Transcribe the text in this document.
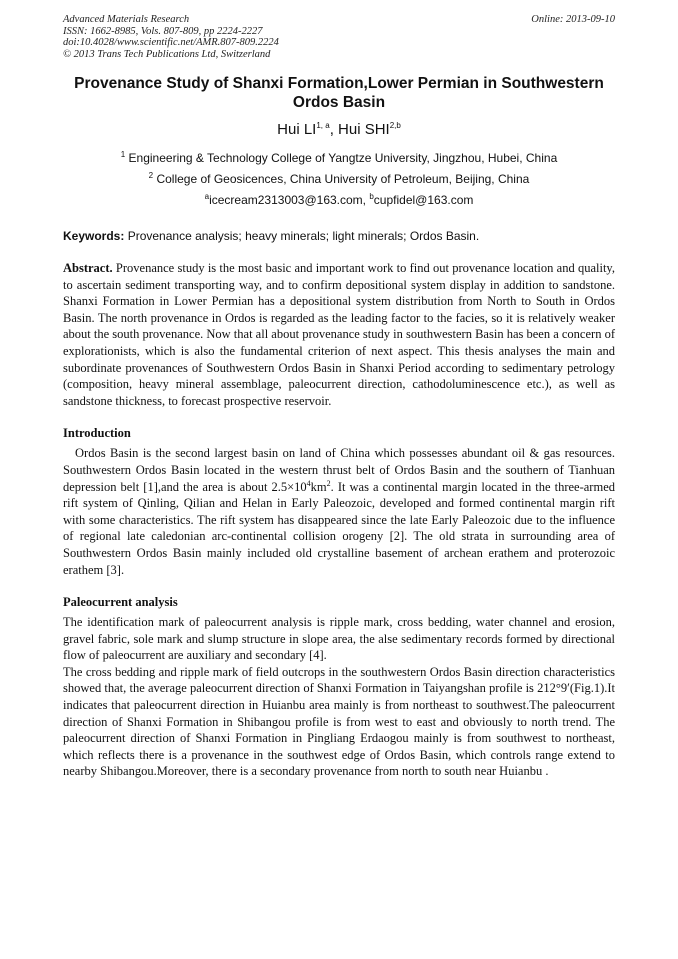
Advanced Materials Research
ISSN: 1662-8985, Vols. 807-809, pp 2224-2227
doi:10.4028/www.scientific.net/AMR.807-809.2224
© 2013 Trans Tech Publications Ltd, Switzerland
Online: 2013-09-10
Provenance Study of Shanxi Formation,Lower Permian in Southwestern Ordos Basin
Hui LI$^{1, a}$, Hui SHI$^{2,b}$
$^1$ Engineering & Technology College of Yangtze University, Jingzhou, Hubei, China
$^2$ College of Geosicences, China University of Petroleum, Beijing, China
$^a$icecream2313003@163.com, $^b$cupfidel@163.com
Keywords: Provenance analysis; heavy minerals; light minerals; Ordos Basin.

Abstract. Provenance study is the most basic and important work to find out provenance location and quality, to ascertain sediment transporting way, and to confirm depositional system display in addition to sandstone. Shanxi Formation in Lower Permian has a depositional system distribution from North to South in Ordos Basin. The north provenance in Ordos is regarded as the leading factor to the facies, so it is relatively weaker about the south provenance. Now that all about provenance study in southwestern Basin has been a concern of explorationists, which is also the fundamental criterion of next aspect. This thesis analyses the main and subordinate provenances of Southwestern Ordos Basin in Shanxi Period according to sedimentary petrology (composition, heavy mineral assemblage, paleocurrent direction, cathodoluminescence etc.), as well as sandstone thickness, to forecast prospective reservoir.

Introduction

Ordos Basin is the second largest basin on land of China which possesses abundant oil & gas resources. Southwestern Ordos Basin located in the western thrust belt of Ordos Basin and the southern of Tianhuan depression belt [1],and the area is about $2.5\times 10^4km^2$. It was a continental margin located in the three-armed rift system of Qinling, Qilian and Helan in Early Paleozoic, developed and formed continental margin rift with some characteristics. The rift system has disappeared since the late Early Paleozoic due to the influence of regional late caledonian arc-continental collision orogeny [2]. The old strata in surrounding area of Southwestern Ordos Basin mainly included old crystalline basement of archean erathem and proterozoic erathem [3].

Paleocurrent analysis

The identification mark of paleocurrent analysis is ripple mark, cross bedding, water channel and erosion, gravel fabric, sole mark and slump structure in slope area, the alse sedimentary records formed by directional flow of paleocurrent are auxiliary and secondary [4].

The cross bedding and ripple mark of field outcrops in the southwestern Ordos Basin direction characteristics showed that, the average paleocurrent direction of Shanxi Formation in Taiyangshan profile is 212°9′(Fig.1).It indicates that paleocurrent direction in Huianbu area mainly is from northeast to southwest.The paleocurrent direction of Shanxi Formation in Shibangou profile is from west to east and obviously to north trend. The paleocurrent direction of Shanxi Formation in Pingliang Erdaogou mainly is from southwest to northeast, which reflects there is a provenance in the southwest edge of Ordos Basin, which controls range extend to nearby Shibangou.Moreover, there is a secondary provenance from north to south near Huianbu .
